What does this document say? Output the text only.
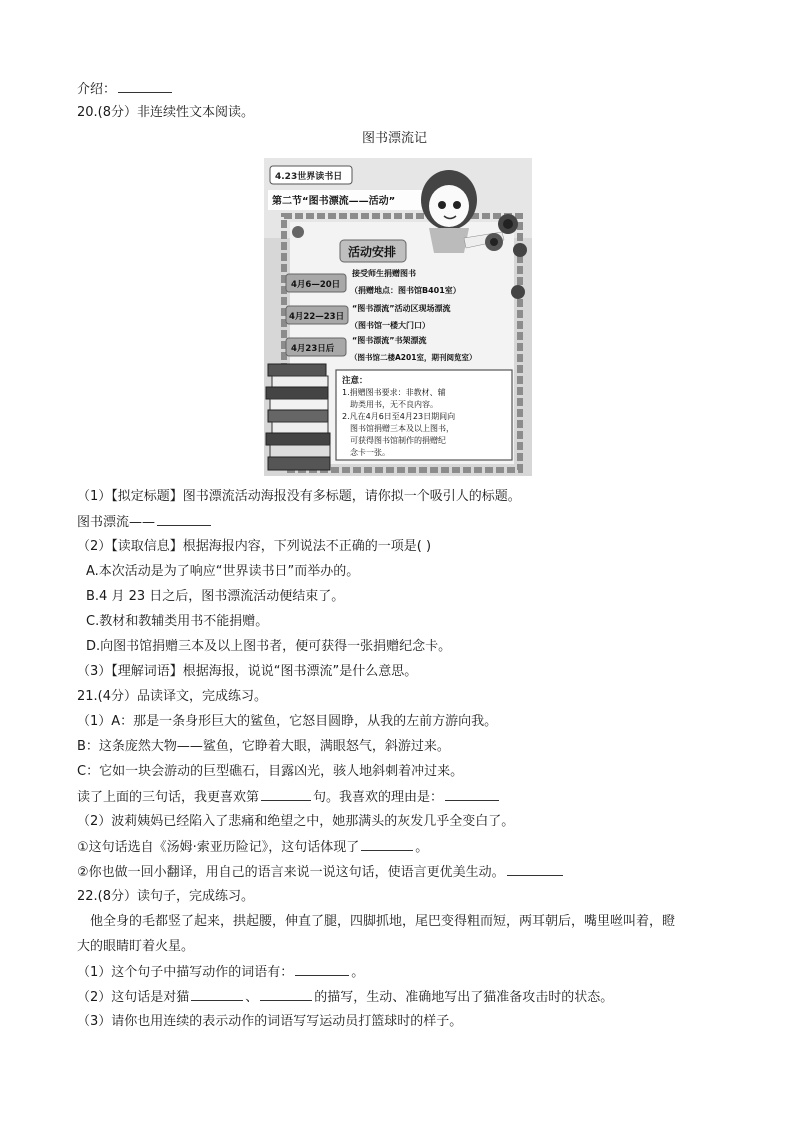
介绍：
20.(8分）非连续性文本阅读。
图书漂流记
4.23世界读书日
第二节“图书漂流——活动”
活动安排
4月6—20日
接受师生捐赠图书
（捐赠地点：图书馆B401室）
4月22—23日
“图书漂流”活动区现场漂流
（图书馆一楼大门口）
4月23日后
“图书漂流”书架漂流
（图书馆二楼A201室，期刊阅览室）
注意：
1.捐赠图书要求：非教材、辅
助类用书，无不良内容。
2.凡在4月6日至4月23日期间向
图书馆捐赠三本及以上图书，
可获得图书馆制作的捐赠纪
念卡一张。
（1）【拟定标题】图书漂流活动海报没有多标题，请你拟一个吸引人的标题。
图书漂流——
（2）【读取信息】根据海报内容，下列说法不正确的一项是( )
A.本次活动是为了响应“世界读书日”而举办的。
B.4 月 23 日之后，图书漂流活动便结束了。
C.教材和教辅类用书不能捐赠。
D.向图书馆捐赠三本及以上图书者，便可获得一张捐赠纪念卡。
（3）【理解词语】根据海报，说说“图书漂流”是什么意思。
21.(4分）品读译文，完成练习。
（1）A：那是一条身形巨大的鲨鱼，它怒目圆睁，从我的左前方游向我。
B：这条庞然大物——鲨鱼，它睁着大眼，满眼怒气，斜游过来。
C：它如一块会游动的巨型礁石，目露凶光，骇人地斜刺着冲过来。
读了上面的三句话，我更喜欢第	句。我喜欢的理由是：
（2）波莉姨妈已经陷入了悲痛和绝望之中，她那满头的灰发几乎全变白了。
①这句话选自《汤姆·索亚历险记》，这句话体现了	。
②你也做一回小翻译，用自己的语言来说一说这句话，使语言更优美生动。
22.(8分）读句子，完成练习。
他全身的毛都竖了起来，拱起腰，伸直了腿，四脚抓地，尾巴变得粗而短，两耳朝后，嘴里咝叫着，瞪
大的眼睛盯着火星。
（1）这个句子中描写动作的词语有：	。
（2）这句话是对猫	、	的描写，生动、准确地写出了猫准备攻击时的状态。
（3）请你也用连续的表示动作的词语写写运动员打篮球时的样子。
